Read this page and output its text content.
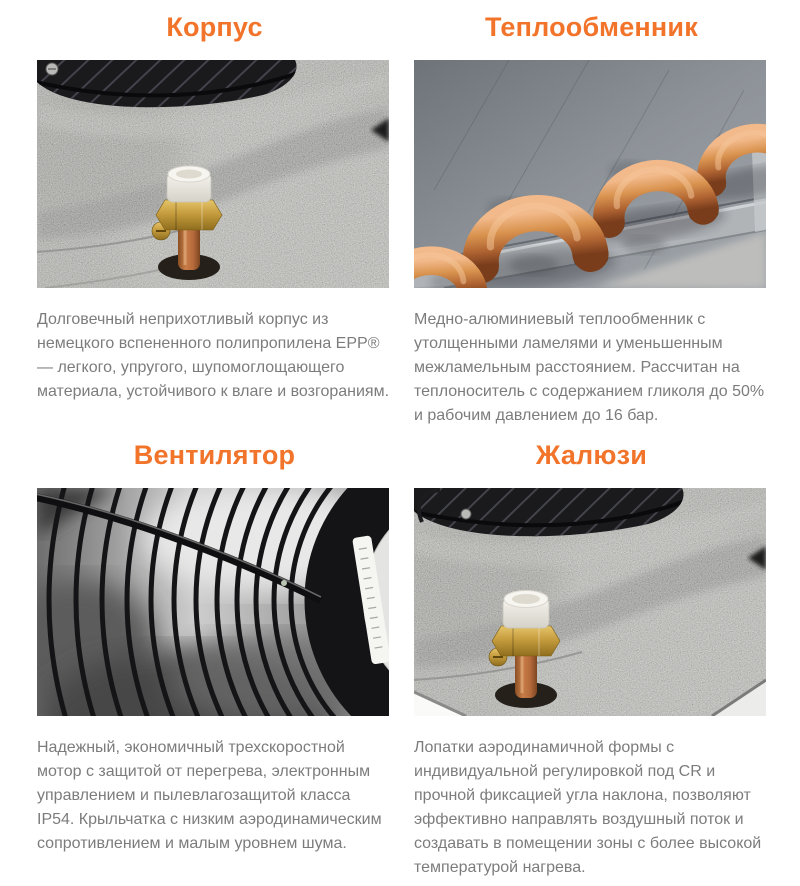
Корпус

Долговечный неприхотливый корпус из немецкого вспененного полипропилена EPP® — легкого, упругого, шупомоглощающего материала, устойчивого к влаге и возгораниям.

Теплообменник

Медно-алюминиевый теплообменник с утолщенными ламелями и уменьшенным межламельным расстоянием. Рассчитан на теплоноситель с содержанием гликоля до 50% и рабочим давлением до 16 бар.

Вентилятор

Надежный, экономичный трехскоростной мотор с защитой от перегрева, электронным управлением и пылевлагозащитой класса IP54. Крыльчатка с низким аэродинамическим сопротивлением и малым уровнем шума.

Жалюзи

Лопатки аэродинамичной формы с индивидуальной регулировкой под CR и прочной фиксацией угла наклона, позволяют эффективно направлять воздушный поток и создавать в помещении зоны с более высокой температурой нагрева.
